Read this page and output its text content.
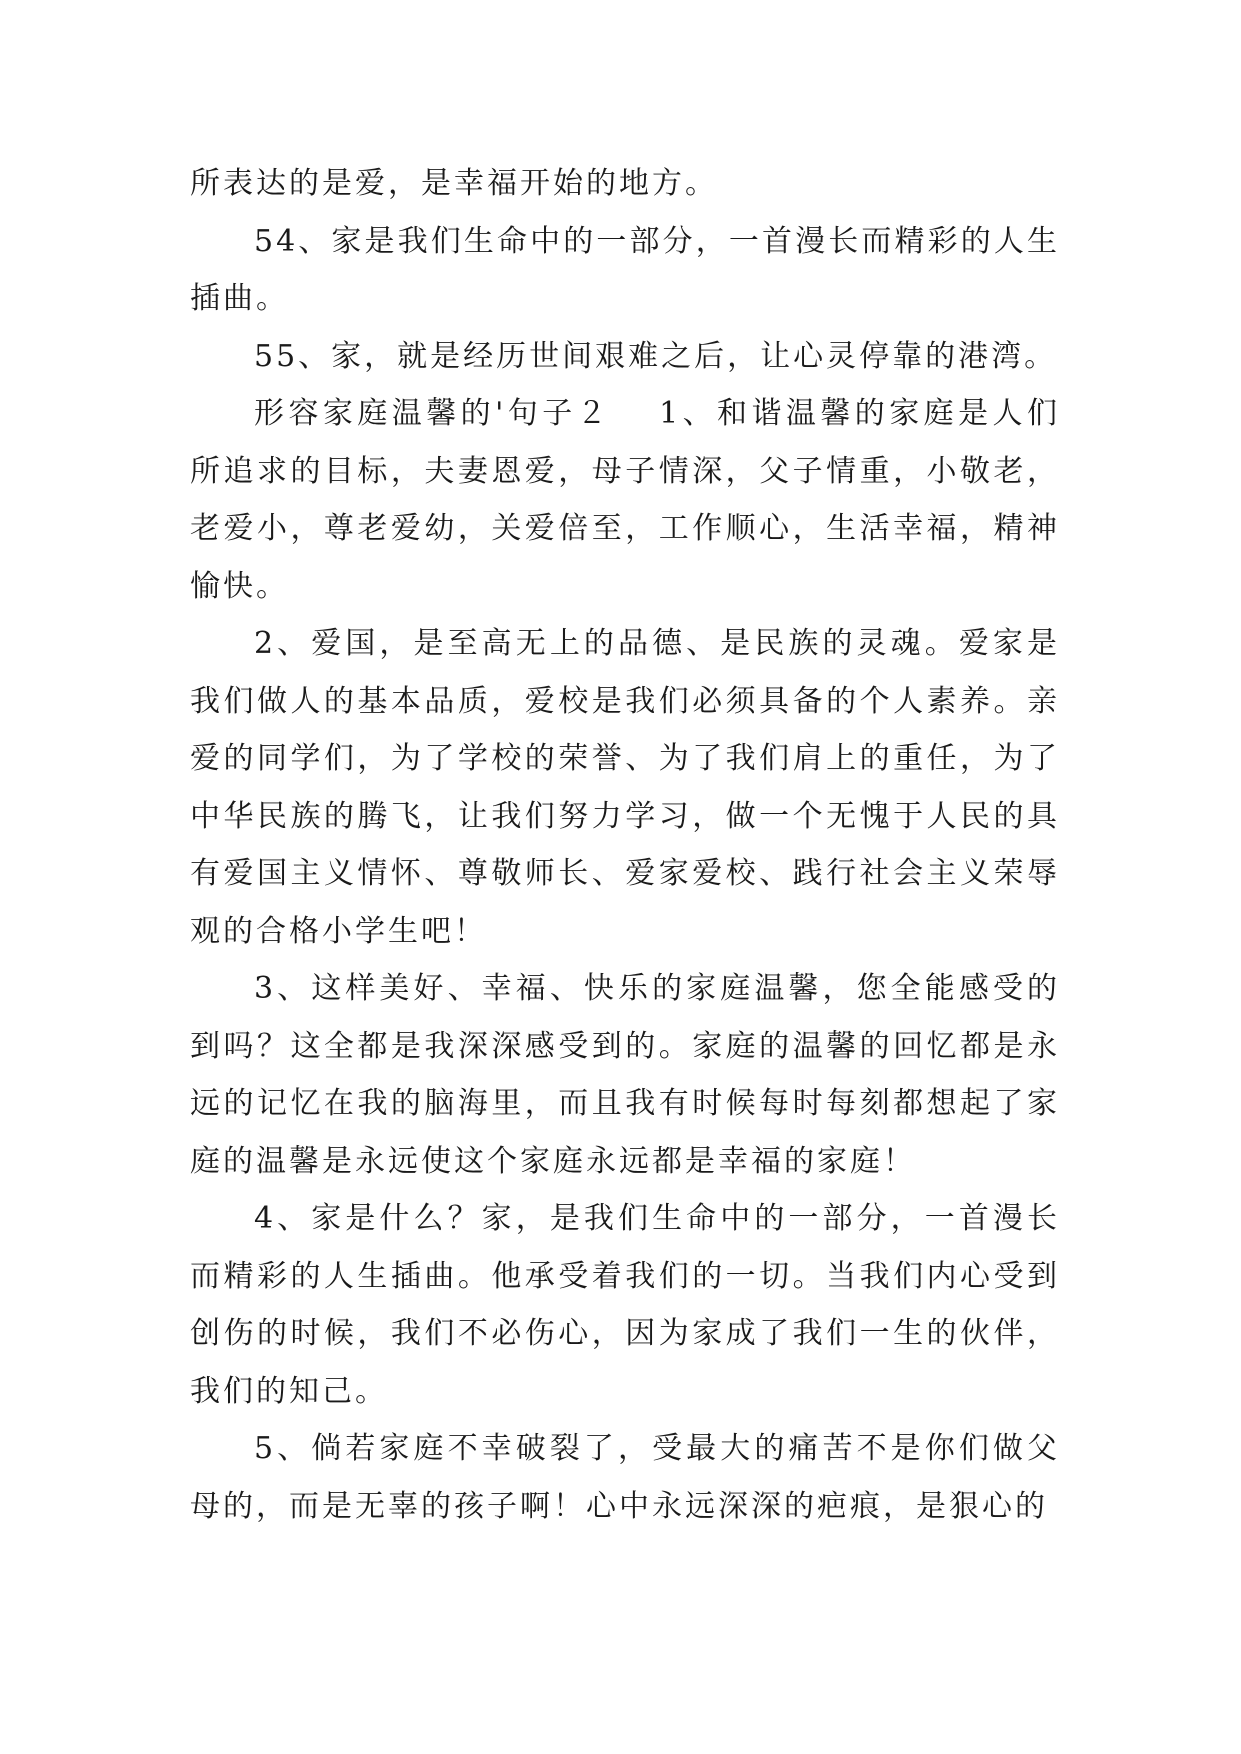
所表达的是爱，是幸福开始的地方。

54、家是我们生命中的一部分，一首漫长而精彩的人生插曲。

55、家，就是经历世间艰难之后，让心灵停靠的港湾。

形容家庭温馨的'句子２ 1、和谐温馨的家庭是人们所追求的目标，夫妻恩爱，母子情深，父子情重，小敬老，老爱小，尊老爱幼，关爱倍至，工作顺心，生活幸福，精神愉快。

2、爱国，是至高无上的品德、是民族的灵魂。爱家是我们做人的基本品质，爱校是我们必须具备的个人素养。亲爱的同学们，为了学校的荣誉、为了我们肩上的重任，为了中华民族的腾飞，让我们努力学习，做一个无愧于人民的具有爱国主义情怀、尊敬师长、爱家爱校、践行社会主义荣辱观的合格小学生吧！

3、这样美好、幸福、快乐的家庭温馨，您全能感受的到吗？这全都是我深深感受到的。家庭的温馨的回忆都是永远的记忆在我的脑海里，而且我有时候每时每刻都想起了家庭的温馨是永远使这个家庭永远都是幸福的家庭！

4、家是什么？家，是我们生命中的一部分，一首漫长而精彩的人生插曲。他承受着我们的一切。当我们内心受到创伤的时候，我们不必伤心，因为家成了我们一生的伙伴，我们的知己。

5、倘若家庭不幸破裂了，受最大的痛苦不是你们做父母的，而是无辜的孩子啊！心中永远深深的疤痕，是狠心的
